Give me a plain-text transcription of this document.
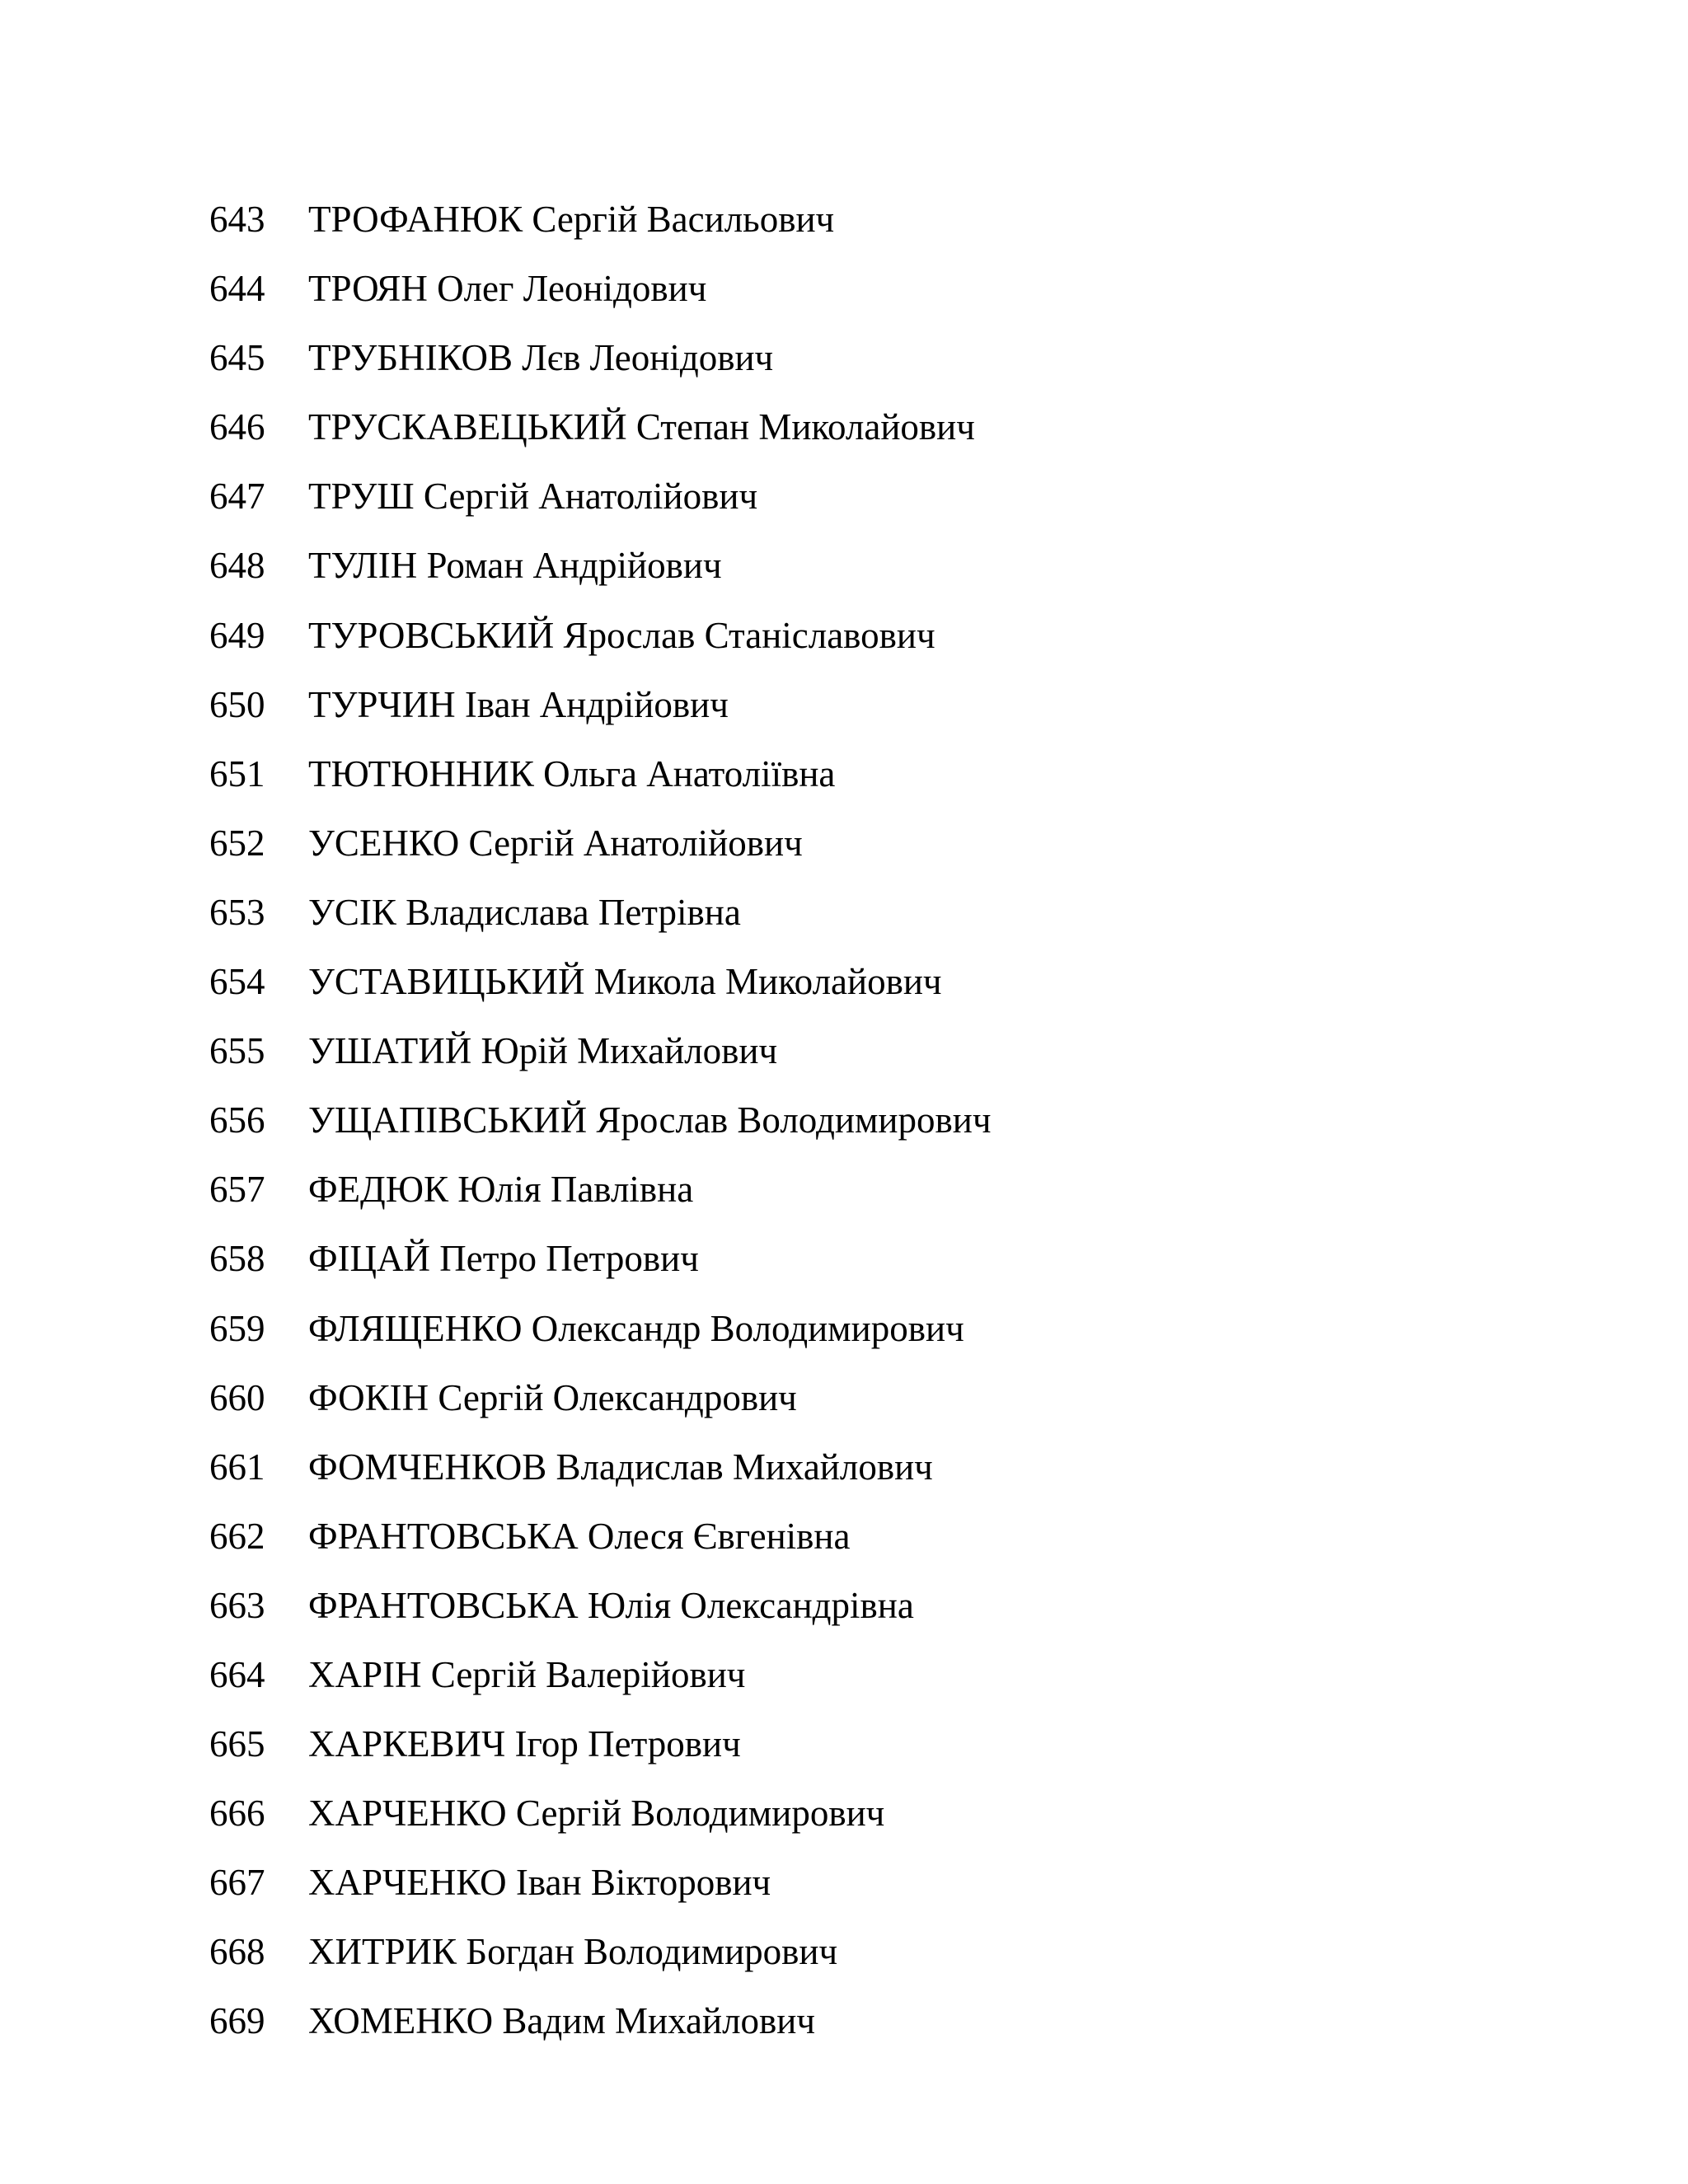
643	ТРОФАНЮК Сергій Васильович
644	ТРОЯН Олег Леонідович
645	ТРУБНІКОВ Лєв Леонідович
646	ТРУСКАВЕЦЬКИЙ Степан Миколайович
647	ТРУШ Сергій Анатолійович
648	ТУЛІН Роман Андрійович
649	ТУРОВСЬКИЙ Ярослав Станіславович
650	ТУРЧИН Іван Андрійович
651	ТЮТЮННИК Ольга Анатоліївна
652	УСЕНКО Сергій Анатолійович
653	УСІК Владислава Петрівна
654	УСТАВИЦЬКИЙ Микола Миколайович
655	УШАТИЙ Юрій Михайлович
656	УЩАПІВСЬКИЙ Ярослав Володимирович
657	ФЕДЮК Юлія Павлівна
658	ФІЦАЙ Петро Петрович
659	ФЛЯЩЕНКО Олександр Володимирович
660	ФОКІН Сергій Олександрович
661	ФОМЧЕНКОВ Владислав Михайлович
662	ФРАНТОВСЬКА Олеся Євгенівна
663	ФРАНТОВСЬКА Юлія Олександрівна
664	ХАРІН Сергій Валерійович
665	ХАРКЕВИЧ Ігор Петрович
666	ХАРЧЕНКО Сергій Володимирович
667	ХАРЧЕНКО Іван Вікторович
668	ХИТРИК Богдан Володимирович
669	ХОМЕНКО Вадим Михайлович
